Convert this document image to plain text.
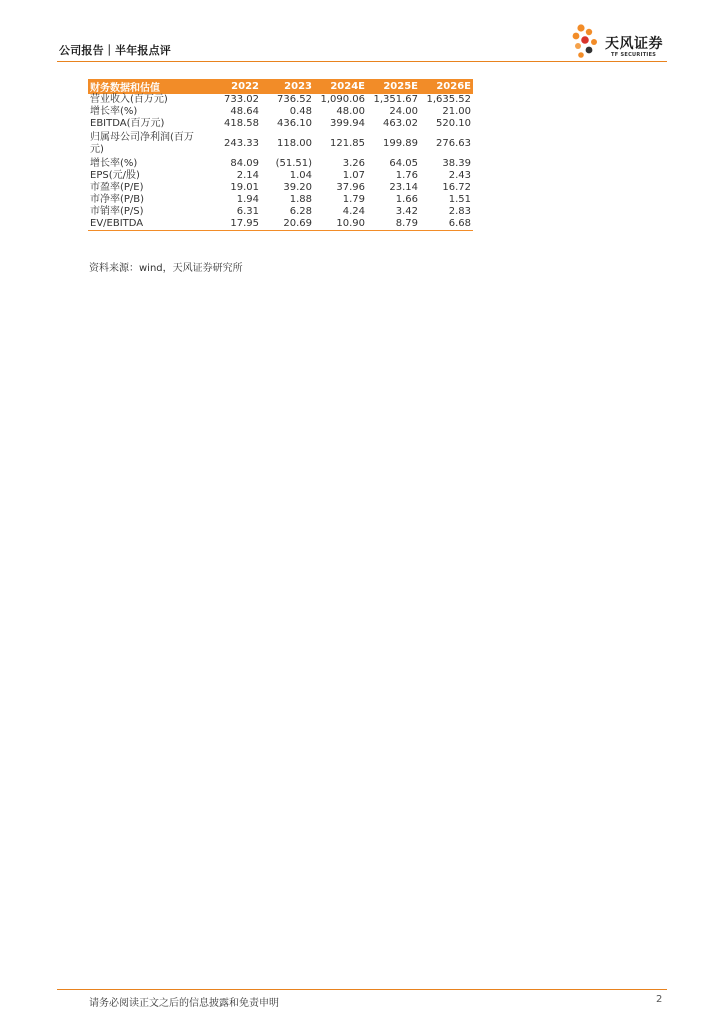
公司报告｜半年报点评	天风证券
TF SECURITIES
财务数据和估值	2022	2023	2024E	2025E	2026E
营业收入(百万元)	733.02	736.52	1,090.06	1,351.67	1,635.52
增长率(%)	48.64	0.48	48.00	24.00	21.00
EBITDA(百万元)	418.58	436.10	399.94	463.02	520.10
归属母公司净利润(百万元)	243.33	118.00	121.85	199.89	276.63
增长率(%)	84.09	(51.51)	3.26	64.05	38.39
EPS(元/股)	2.14	1.04	1.07	1.76	2.43
市盈率(P/E)	19.01	39.20	37.96	23.14	16.72
市净率(P/B)	1.94	1.88	1.79	1.66	1.51
市销率(P/S)	6.31	6.28	4.24	3.42	2.83
EV/EBITDA	17.95	20.69	10.90	8.79	6.68
资料来源：wind，天风证券研究所
请务必阅读正文之后的信息披露和免责申明	2
